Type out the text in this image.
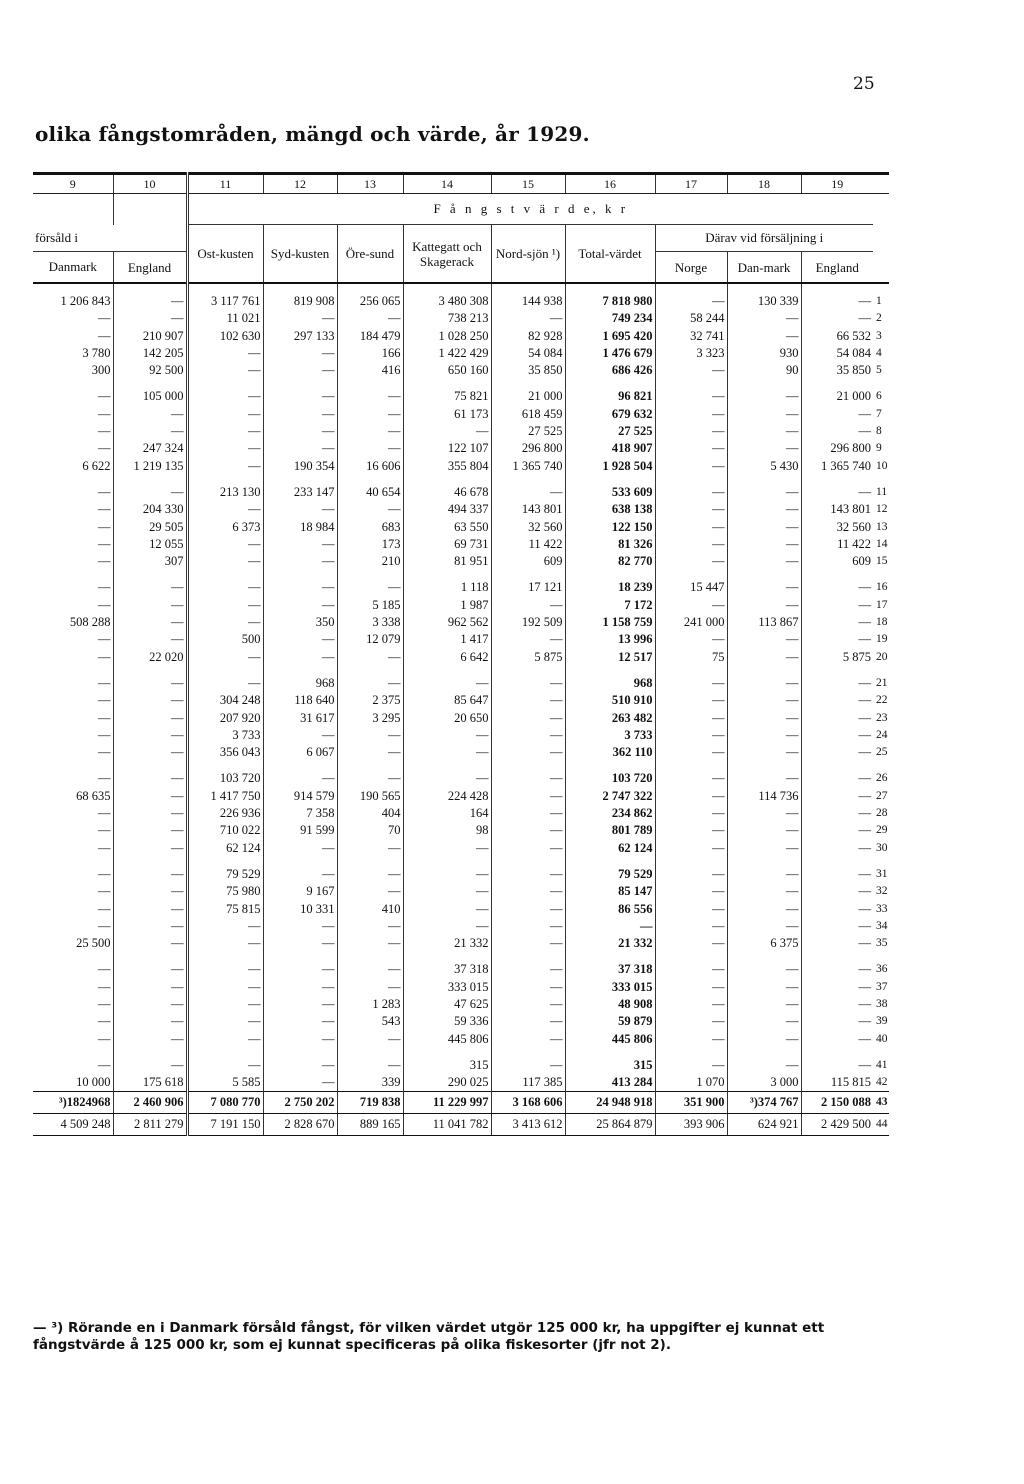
25
olika fångstområden, mängd och värde, år 1929.
9	10	11	12	13	14	15	16	17	18	19	
		F å n g s t v ä r d e, k r									
försåld i		Ost-kusten	Syd-kusten	Öre-sund	Kattegatt och Skagerack	Nord-sjön ¹)	Total-värdet	Därav vid försäljning i			
Danmark	England							Norge	Dan-mark	England	

1 206 843	—	3 117 761	819 908	256 065	3 480 308	144 938	7 818 980	—	130 339	—	1
—	—	11 021	—	—	738 213	—	749 234	58 244	—	—	2
—	210 907	102 630	297 133	184 479	1 028 250	82 928	1 695 420	32 741	—	66 532	3
3 780	142 205	—	—	166	1 422 429	54 084	1 476 679	3 323	930	54 084	4
300	92 500	—	—	416	650 160	35 850	686 426	—	90	35 850	5

—	105 000	—	—	—	75 821	21 000	96 821	—	—	21 000	6
—	—	—	—	—	61 173	618 459	679 632	—	—	—	7
—	—	—	—	—	—	27 525	27 525	—	—	—	8
—	247 324	—	—	—	122 107	296 800	418 907	—	—	296 800	9
6 622	1 219 135	—	190 354	16 606	355 804	1 365 740	1 928 504	—	5 430	1 365 740	10

—	—	213 130	233 147	40 654	46 678	—	533 609	—	—	—	11
—	204 330	—	—	—	494 337	143 801	638 138	—	—	143 801	12
—	29 505	6 373	18 984	683	63 550	32 560	122 150	—	—	32 560	13
—	12 055	—	—	173	69 731	11 422	81 326	—	—	11 422	14
—	307	—	—	210	81 951	609	82 770	—	—	609	15

—	—	—	—	—	1 118	17 121	18 239	15 447	—	—	16
—	—	—	—	5 185	1 987	—	7 172	—	—	—	17
508 288	—	—	350	3 338	962 562	192 509	1 158 759	241 000	113 867	—	18
—	—	500	—	12 079	1 417	—	13 996	—	—	—	19
—	22 020	—	—	—	6 642	5 875	12 517	75	—	5 875	20

—	—	—	968	—	—	—	968	—	—	—	21
—	—	304 248	118 640	2 375	85 647	—	510 910	—	—	—	22
—	—	207 920	31 617	3 295	20 650	—	263 482	—	—	—	23
—	—	3 733	—	—	—	—	3 733	—	—	—	24
—	—	356 043	6 067	—	—	—	362 110	—	—	—	25

—	—	103 720	—	—	—	—	103 720	—	—	—	26
68 635	—	1 417 750	914 579	190 565	224 428	—	2 747 322	—	114 736	—	27
—	—	226 936	7 358	404	164	—	234 862	—	—	—	28
—	—	710 022	91 599	70	98	—	801 789	—	—	—	29
—	—	62 124	—	—	—	—	62 124	—	—	—	30

—	—	79 529	—	—	—	—	79 529	—	—	—	31
—	—	75 980	9 167	—	—	—	85 147	—	—	—	32
—	—	75 815	10 331	410	—	—	86 556	—	—	—	33
—	—	—	—	—	—	—	—	—	—	—	34
25 500	—	—	—	—	21 332	—	21 332	—	6 375	—	35

—	—	—	—	—	37 318	—	37 318	—	—	—	36
—	—	—	—	—	333 015	—	333 015	—	—	—	37
—	—	—	—	1 283	47 625	—	48 908	—	—	—	38
—	—	—	—	543	59 336	—	59 879	—	—	—	39
—	—	—	—	—	445 806	—	445 806	—	—	—	40

—	—	—	—	—	315	—	315	—	—	—	41
10 000	175 618	5 585	—	339	290 025	117 385	413 284	1 070	3 000	115 815	42
³)1824968	2 460 906	7 080 770	2 750 202	719 838	11 229 997	3 168 606	24 948 918	351 900	³)374 767	2 150 088	43
4 509 248	2 811 279	7 191 150	2 828 670	889 165	11 041 782	3 413 612	25 864 879	393 906	624 921	2 429 500	44
— ³) Rörande en i Danmark försåld fångst, för vilken värdet utgör 125 000 kr, ha uppgifter ej kunnat ett fångstvärde å 125 000 kr, som ej kunnat specificeras på olika fiskesorter (jfr not 2).
